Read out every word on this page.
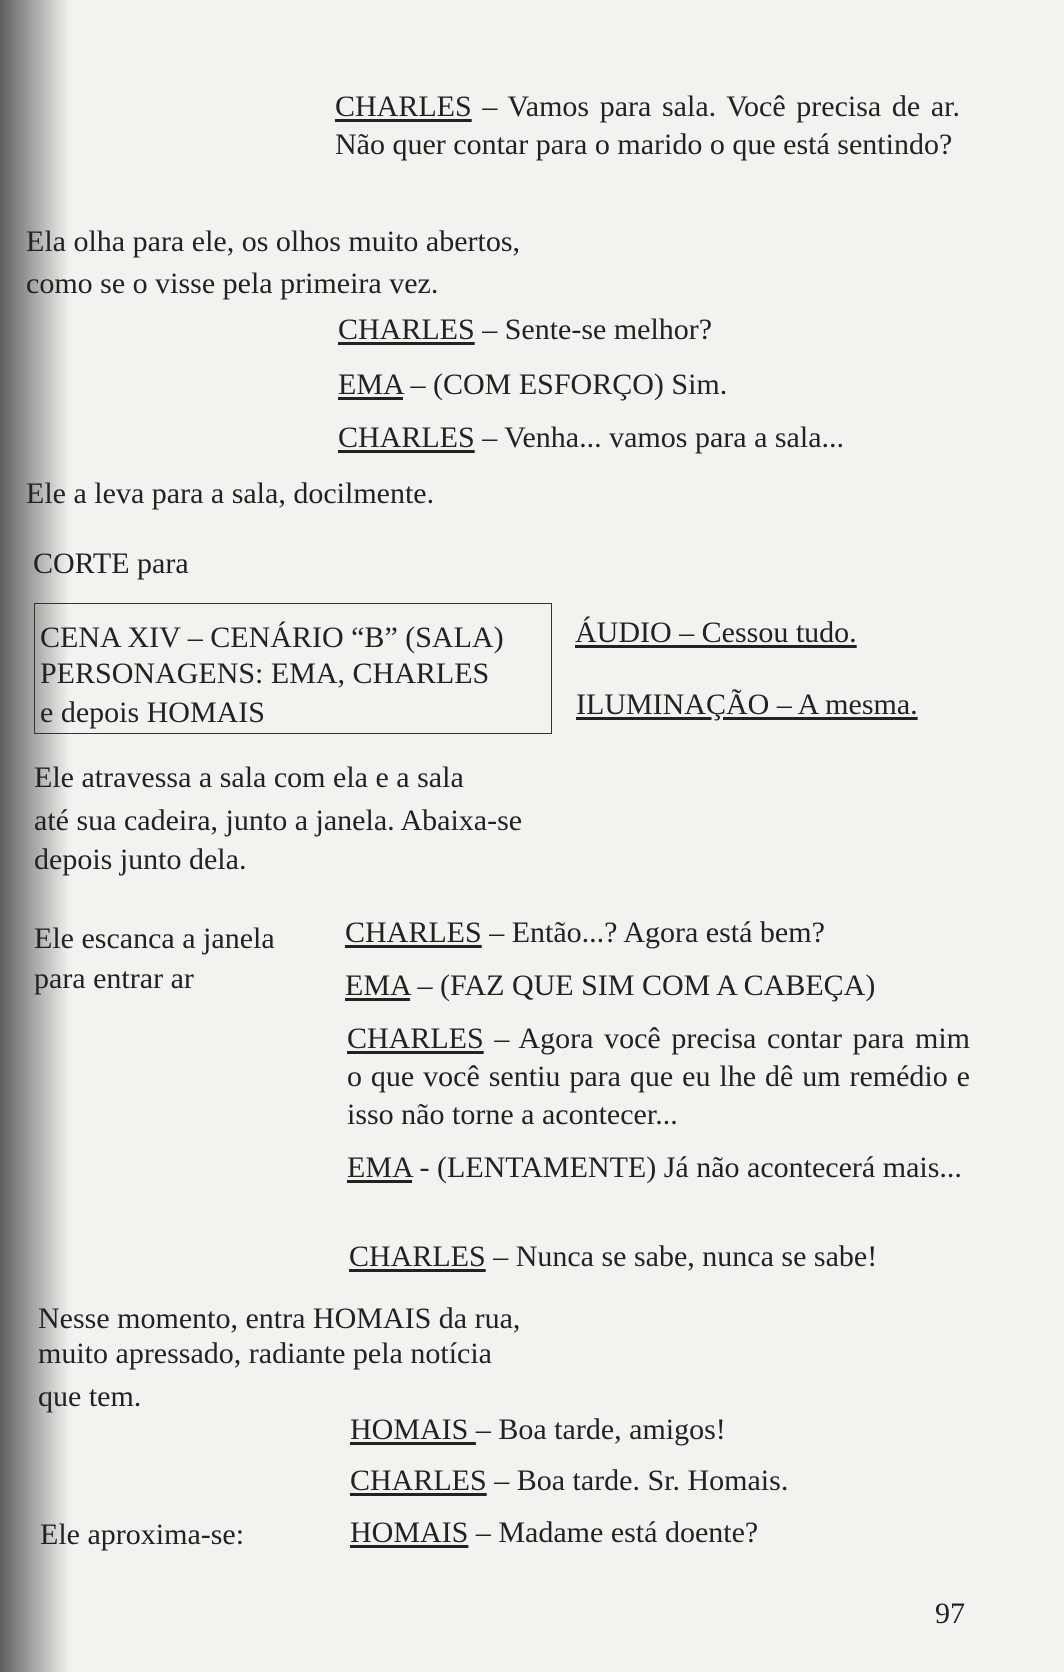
CHARLES – Vamos para sala. Você precisa de ar. Não quer contar para o marido o que está sentindo?
Ela olha para ele, os olhos muito abertos,
como se o visse pela primeira vez.
CHARLES – Sente-se melhor?
EMA – (COM ESFORÇO) Sim.
CHARLES – Venha... vamos para a sala...
Ele a leva para a sala, docilmente.
CORTE para
CENA XIV – CENÁRIO “B” (SALA)
PERSONAGENS: EMA, CHARLES
e depois HOMAIS
ÁUDIO – Cessou tudo.
ILUMINAÇÃO – A mesma.
Ele atravessa a sala com ela e a sala
até sua cadeira, junto a janela. Abaixa-se
depois junto dela.
Ele escanca a janela
para entrar ar
CHARLES – Então...? Agora está bem?
EMA – (FAZ QUE SIM COM A CABEÇA)
CHARLES – Agora você precisa contar para mim o que você sentiu para que eu lhe dê um remédio e isso não torne a acontecer...
EMA - (LENTAMENTE) Já não acontecerá mais...
CHARLES – Nunca se sabe, nunca se sabe!
Nesse momento, entra HOMAIS da rua,
muito apressado, radiante pela notícia
que tem.
HOMAIS – Boa tarde, amigos!
CHARLES – Boa tarde. Sr. Homais.
Ele aproxima-se:	HOMAIS – Madame está doente?
97
